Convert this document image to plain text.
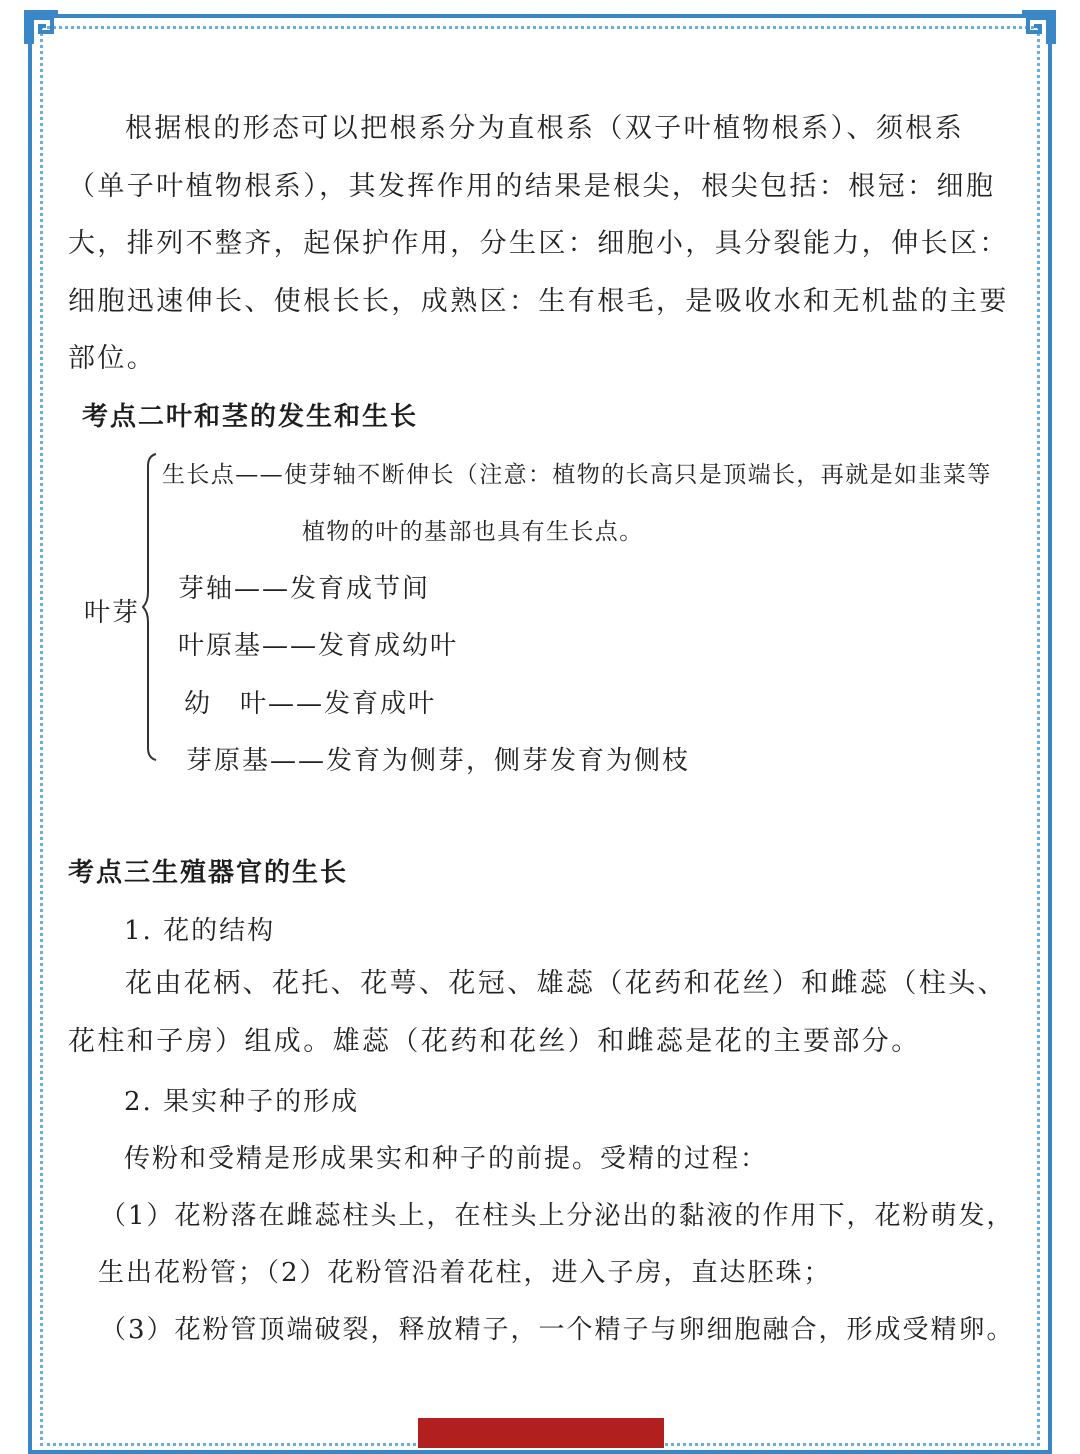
根据根的形态可以把根系分为直根系（双子叶植物根系）、须根系（单子叶植物根系），其发挥作用的结果是根尖，根尖包括：根冠：细胞大，排列不整齐，起保护作用，分生区：细胞小，具分裂能力，伸长区：细胞迅速伸长、使根长长，成熟区：生有根毛，是吸收水和无机盐的主要部位。

考点二叶和茎的发生和生长
叶芽
生长点——使芽轴不断伸长（注意：植物的长高只是顶端长，再就是如韭菜等
植物的叶的基部也具有生长点。
芽轴——发育成节间
叶原基——发育成幼叶
幼　叶——发育成叶
芽原基——发育为侧芽，侧芽发育为侧枝
考点三生殖器官的生长
1. 花的结构

花由花柄、花托、花萼、花冠、雄蕊（花药和花丝）和雌蕊（柱头、花柱和子房）组成。雄蕊（花药和花丝）和雌蕊是花的主要部分。

2. 果实种子的形成
传粉和受精是形成果实和种子的前提。受精的过程：
（1）花粉落在雌蕊柱头上，在柱头上分泌出的黏液的作用下，花粉萌发，
生出花粉管；（2）花粉管沿着花柱，进入子房，直达胚珠；
（3）花粉管顶端破裂，释放精子，一个精子与卵细胞融合，形成受精卵。
